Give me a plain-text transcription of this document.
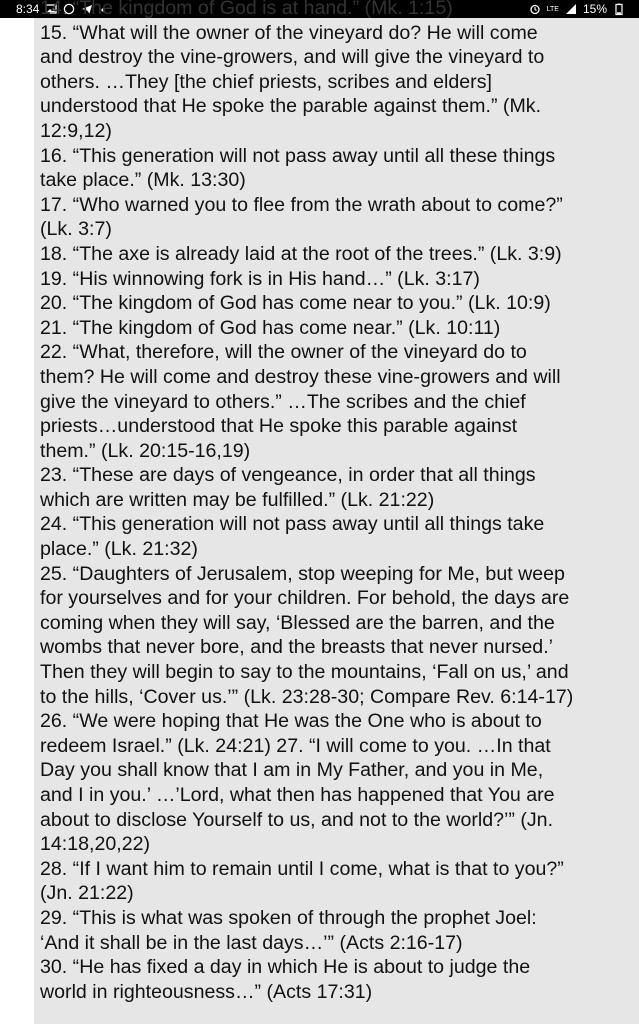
8:34	LTE 15%
14. “The kingdom of God is at hand.” (Mk. 1:15)
15. “What will the owner of the vineyard do? He will come
and destroy the vine-growers, and will give the vineyard to
others. …They [the chief priests, scribes and elders]
understood that He spoke the parable against them.” (Mk.
12:9,12)
16. “This generation will not pass away until all these things
take place.” (Mk. 13:30)
17. “Who warned you to flee from the wrath about to come?”
(Lk. 3:7)
18. “The axe is already laid at the root of the trees.” (Lk. 3:9)
19. “His winnowing fork is in His hand…” (Lk. 3:17)
20. “The kingdom of God has come near to you.” (Lk. 10:9)
21. “The kingdom of God has come near.” (Lk. 10:11)
22. “What, therefore, will the owner of the vineyard do to
them? He will come and destroy these vine-growers and will
give the vineyard to others.” …The scribes and the chief
priests…understood that He spoke this parable against
them.” (Lk. 20:15-16,19)
23. “These are days of vengeance, in order that all things
which are written may be fulfilled.” (Lk. 21:22)
24. “This generation will not pass away until all things take
place.” (Lk. 21:32)
25. “Daughters of Jerusalem, stop weeping for Me, but weep
for yourselves and for your children. For behold, the days are
coming when they will say, ‘Blessed are the barren, and the
wombs that never bore, and the breasts that never nursed.’
Then they will begin to say to the mountains, ‘Fall on us,’ and
to the hills, ‘Cover us.’” (Lk. 23:28-30; Compare Rev. 6:14-17)
26. “We were hoping that He was the One who is about to
redeem Israel.” (Lk. 24:21) 27. “I will come to you. …In that
Day you shall know that I am in My Father, and you in Me,
and I in you.’ …’Lord, what then has happened that You are
about to disclose Yourself to us, and not to the world?’” (Jn.
14:18,20,22)
28. “If I want him to remain until I come, what is that to you?”
(Jn. 21:22)
29. “This is what was spoken of through the prophet Joel:
‘And it shall be in the last days…’” (Acts 2:16-17)
30. “He has fixed a day in which He is about to judge the
world in righteousness…” (Acts 17:31)
